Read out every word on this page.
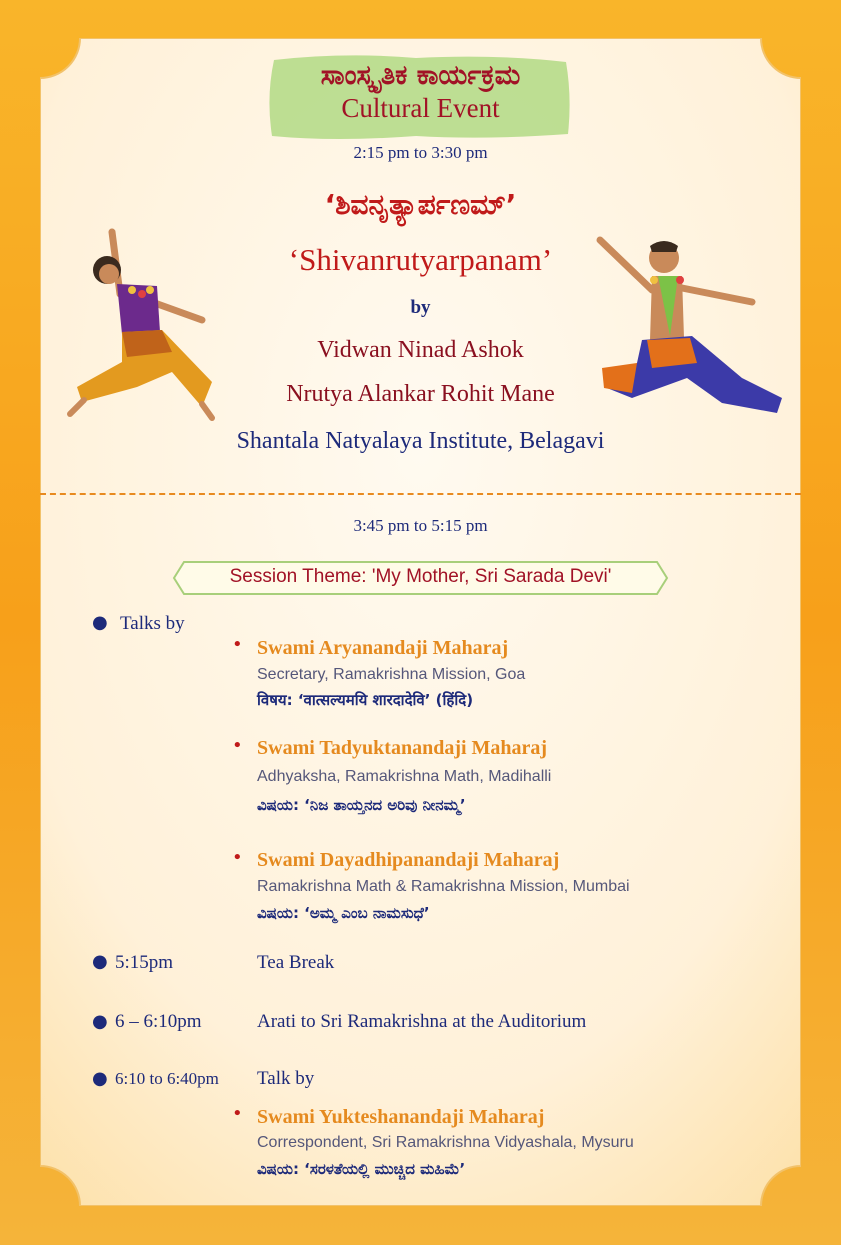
ಸಾಂಸ್ಕೃತಿಕ ಕಾರ್ಯಕ್ರಮ
Cultural Event
2:15 pm to 3:30 pm
‘ಶಿವನೃತ್ಯಾರ್ಪಣಮ್’
‘Shivanrutyarpanam’
by
Vidwan Ninad Ashok
Nrutya Alankar Rohit Mane
Shantala Natyalaya Institute, Belagavi
3:45 pm to 5:15 pm
Session Theme: 'My Mother, Sri Sarada Devi'
● Talks by
• Swami Aryanandaji Maharaj
Secretary, Ramakrishna Mission, Goa
विषय: ‘वात्सल्यमयि शारदादेवि’ (हिंदि)
• Swami Tadyuktanandaji Maharaj
Adhyaksha, Ramakrishna Math, Madihalli
ವಿಷಯ: ‘ನಿಜ ತಾಯ್ತನದ ಅರಿವು ನೀನಮ್ಮ’
• Swami Dayadhipanandaji Maharaj
Ramakrishna Math & Ramakrishna Mission, Mumbai
ವಿಷಯ: ‘ಅಮ್ಮ ಎಂಬ ನಾಮಸುಧೆ’
● 5:15pm	Tea Break
● 6 – 6:10pm	Arati to Sri Ramakrishna at the Auditorium
● 6:10 to 6:40pm Talk by
• Swami Yukteshanandaji Maharaj
Correspondent, Sri Ramakrishna Vidyashala, Mysuru
ವಿಷಯ: ‘ಸರಳತೆಯಲ್ಲಿ ಮುಚ್ಚಿದ ಮಹಿಮೆ’
